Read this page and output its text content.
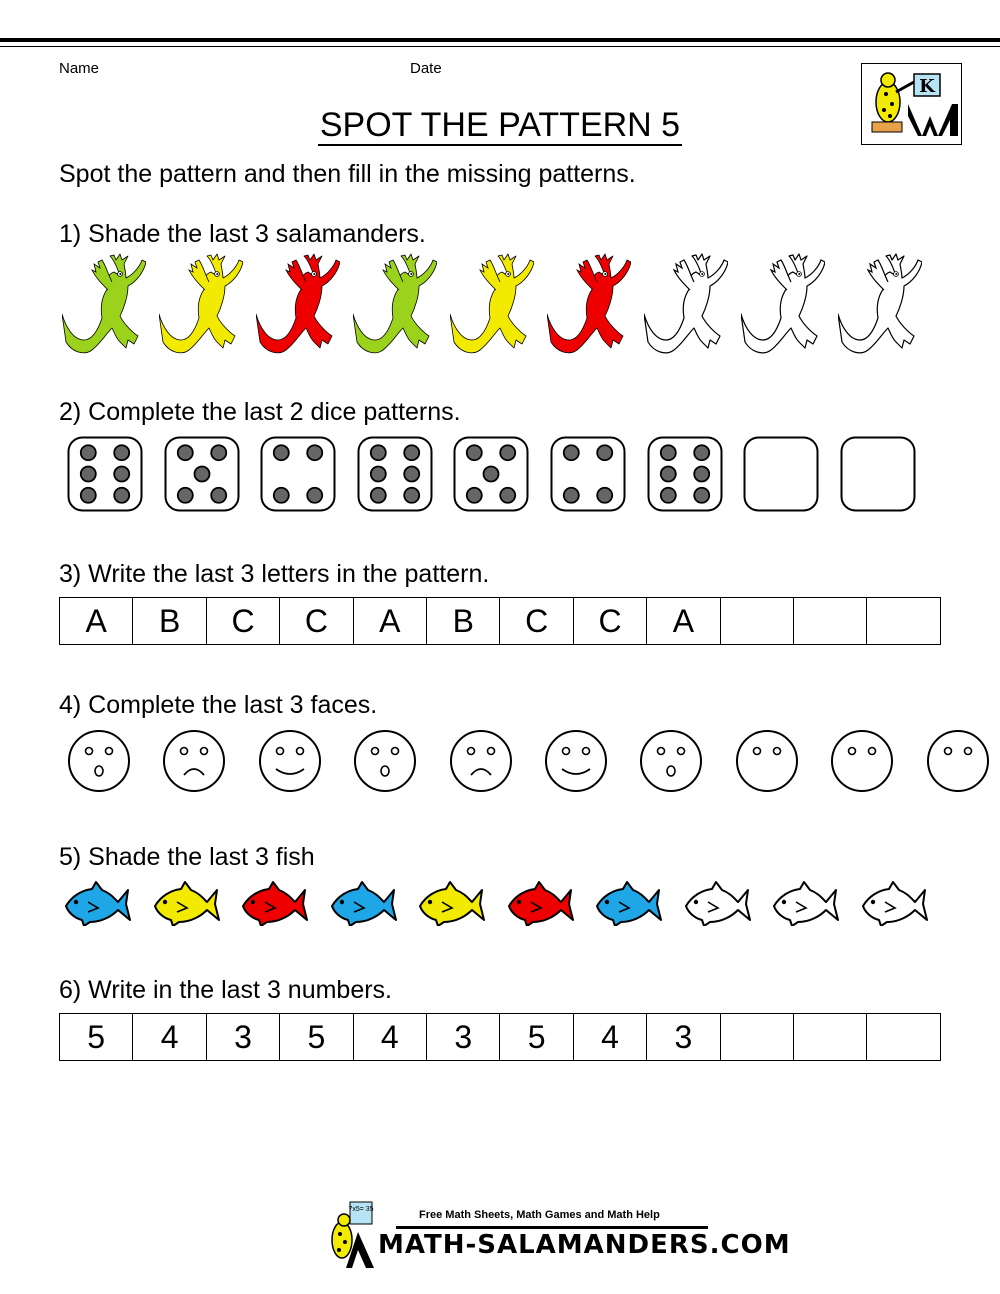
Name	Date
K
SPOT THE PATTERN 5
Spot the pattern and then fill in the missing patterns.
1) Shade the last 3 salamanders.
2) Complete the last 2 dice patterns.
3) Write the last 3 letters in the pattern.
A	B	C	C	A	B	C	C	A			
4) Complete the last 3 faces.
5) Shade the last 3 fish
6) Write in the last 3 numbers.
5	4	3	5	4	3	5	4	3			
7x5= 35	Free Math Sheets, Math Games and Math Help
MATH-SALAMANDERS.COM
